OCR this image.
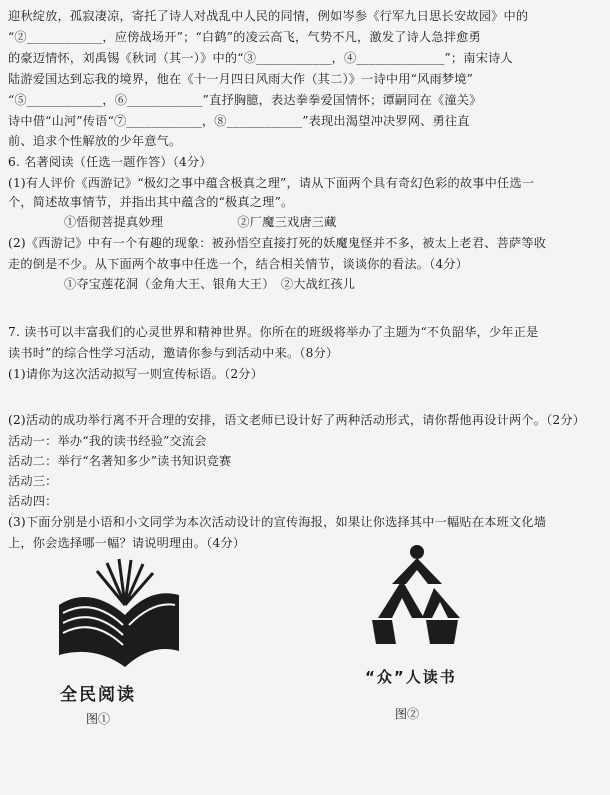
迎秋绽放，孤寂凄凉，寄托了诗人对战乱中人民的同情，例如岑参《行军九日思长安故园》中的
“②____________，应傍战场开”；“白鹤”的凌云高飞，气势不凡，激发了诗人急拌愈勇
的豪迈情怀，刘禹锡《秋词（其一）》中的“③____________，④______________”；南宋诗人
陆游爱国达到忘我的境界，他在《十一月四日风雨大作（其二）》一诗中用“风雨梦境”
“⑤____________，⑥____________”直抒胸臆，表达拳拳爱国情怀；谭嗣同在《潼关》
诗中借“山河”传语“⑦____________，⑧____________”表现出渴望冲决罗网、勇往直
前、追求个性解放的少年意气。
6. 名著阅读（任选一题作答）（4分）
(1)有人评价《西游记》“极幻之事中蕴含极真之理”，请从下面两个具有奇幻色彩的故事中任选一
个，简述故事情节，并指出其中蕴含的“极真之理”。
①悟彻菩提真妙理　　　　　　②厂魔三戏唐三藏
(2)《西游记》中有一个有趣的现象：被孙悟空直接打死的妖魔鬼怪并不多，被太上老君、菩萨等收
走的倒是不少。从下面两个故事中任选一个，结合相关情节，谈谈你的看法。（4分）
①夺宝莲花洞（金角大王、银角大王）　②大战红孩儿
7. 读书可以丰富我们的心灵世界和精神世界。你所在的班级将举办了主题为“不负韶华，少年正是
读书时”的综合性学习活动，邀请你参与到活动中来。（8分）
(1)请你为这次活动拟写一则宣传标语。（2分）
(2)活动的成功举行离不开合理的安排，语文老师已设计好了两种活动形式，请你帮他再设计两个。（2分）
活动一：举办“我的读书经验”交流会
活动二：举行“名著知多少”读书知识竞赛
活动三：
活动四：
(3)下面分别是小语和小文同学为本次活动设计的宣传海报，如果让你选择其中一幅贴在本班文化墙
上，你会选择哪一幅？请说明理由。（4分）
全民阅读
图①
“众”人读书
图②
